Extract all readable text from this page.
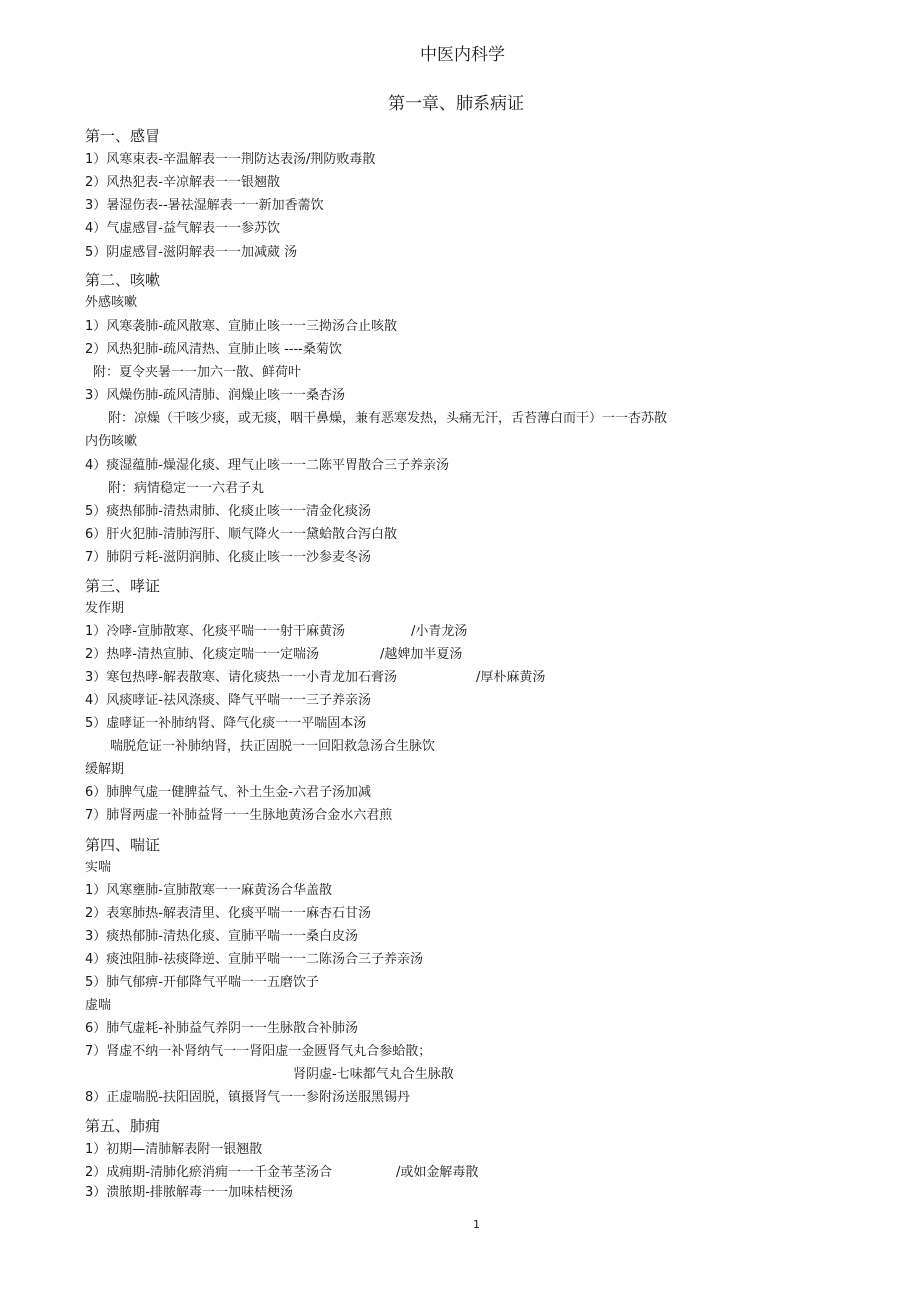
中医内科学
第一章、肺系病证
第一、感冒
1）风寒束表-辛温解表一一荆防达表汤/荆防败毒散
2）风热犯表-辛凉解表一一银翘散
3）暑湿伤表--暑祛湿解表一一新加香薷饮
4）气虚感冒-益气解表一一参苏饮
5）阴虚感冒-滋阴解表一一加减葳 汤
第二、咳嗽
外感咳嗽
1）风寒袭肺-疏风散寒、宣肺止咳一一三拗汤合止咳散
2）风热犯肺-疏风清热、宣肺止咳 ----桑菊饮
附：夏令夹暑一一加六一散、鲜荷叶
3）风燥伤肺-疏风清肺、润燥止咳一一桑杏汤
附：凉燥（干咳少痰，或无痰，咽干鼻燥，兼有恶寒发热，头痛无汗，舌苔薄白而干）一一杏苏散
内伤咳嗽
4）痰湿蕴肺-燥湿化痰、理气止咳一一二陈平胃散合三子养亲汤
附：病情稳定一一六君子丸
5）痰热郁肺-清热肃肺、化痰止咳一一清金化痰汤
6）肝火犯肺-清肺泻肝、顺气降火一一黛蛤散合泻白散
7）肺阴亏耗-滋阴润肺、化痰止咳一一沙参麦冬汤
第三、哮证
发作期
1）冷哮-宣肺散寒、化痰平喘一一射干麻黄汤	/小青龙汤
2）热哮-清热宣肺、化痰定喘一一定喘汤	/越婢加半夏汤
3）寒包热哮-解表散寒、请化痰热一一小青龙加石膏汤	/厚朴麻黄汤
4）风痰哮证-祛风涤痰、降气平喘一一三子养亲汤
5）虚哮证一补肺纳肾、降气化痰一一平喘固本汤
喘脱危证一补肺纳肾，扶正固脱一一回阳救急汤合生脉饮
缓解期
6）肺脾气虚一健脾益气、补土生金-六君子汤加减
7）肺肾两虚一补肺益肾一一生脉地黄汤合金水六君煎
第四、喘证
实喘
1）风寒壅肺-宣肺散寒一一麻黄汤合华盖散
2）表寒肺热-解表清里、化痰平喘一一麻杏石甘汤
3）痰热郁肺-清热化痰、宣肺平喘一一桑白皮汤
4）痰浊阻肺-祛痰降逆、宣肺平喘一一二陈汤合三子养亲汤
5）肺气郁痹-开郁降气平喘一一五磨饮子
虚喘
6）肺气虚耗-补肺益气养阴一一生脉散合补肺汤
7）肾虚不纳一补肾纳气一一肾阳虚一金匮肾气丸合参蛤散；
肾阴虚-七味都气丸合生脉散
8）正虚喘脱-扶阳固脱，镇摄肾气一一参附汤送服黑锡丹
第五、肺痈
1）初期—清肺解表附一银翘散
2）成痈期-清肺化瘀消痈一一千金苇茎汤合	/或如金解毒散
3）溃脓期-排脓解毒一一加味桔梗汤
1
